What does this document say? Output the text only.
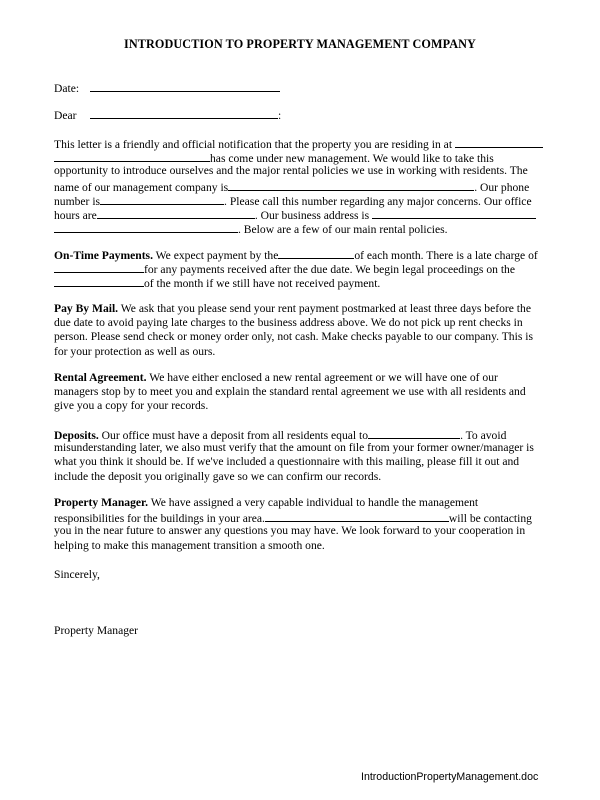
INTRODUCTION TO PROPERTY MANAGEMENT COMPANY
Date:
Dear	:
This letter is a friendly and official notification that the property you are residing in at
has come under new management. We would like to take this
opportunity to introduce ourselves and the major rental policies we use in working with residents. The
name of our management company is	. Our phone
number is	. Please call this number regarding any major concerns. Our office
hours are	. Our business address is
. Below are a few of our main rental policies.
On-Time Payments. We expect payment by the	of each month. There is a late charge of
for any payments received after the due date. We begin legal proceedings on the
of the month if we still have not received payment.
Pay By Mail. We ask that you please send your rent payment postmarked at least three days before the
due date to avoid paying late charges to the business address above. We do not pick up rent checks in
person. Please send check or money order only, not cash. Make checks payable to our company. This is
for your protection as well as ours.
Rental Agreement. We have either enclosed a new rental agreement or we will have one of our
managers stop by to meet you and explain the standard rental agreement we use with all residents and
give you a copy for your records.
Deposits. Our office must have a deposit from all residents equal to	. To avoid
misunderstanding later, we also must verify that the amount on file from your former owner/manager is
what you think it should be. If we've included a questionnaire with this mailing, please fill it out and
include the deposit you originally gave so we can confirm our records.
Property Manager. We have assigned a very capable individual to handle the management
responsibilities for the buildings in your area.	will be contacting
you in the near future to answer any questions you may have. We look forward to your cooperation in
helping to make this management transition a smooth one.
Sincerely,
Property Manager
IntroductionPropertyManagement.doc
